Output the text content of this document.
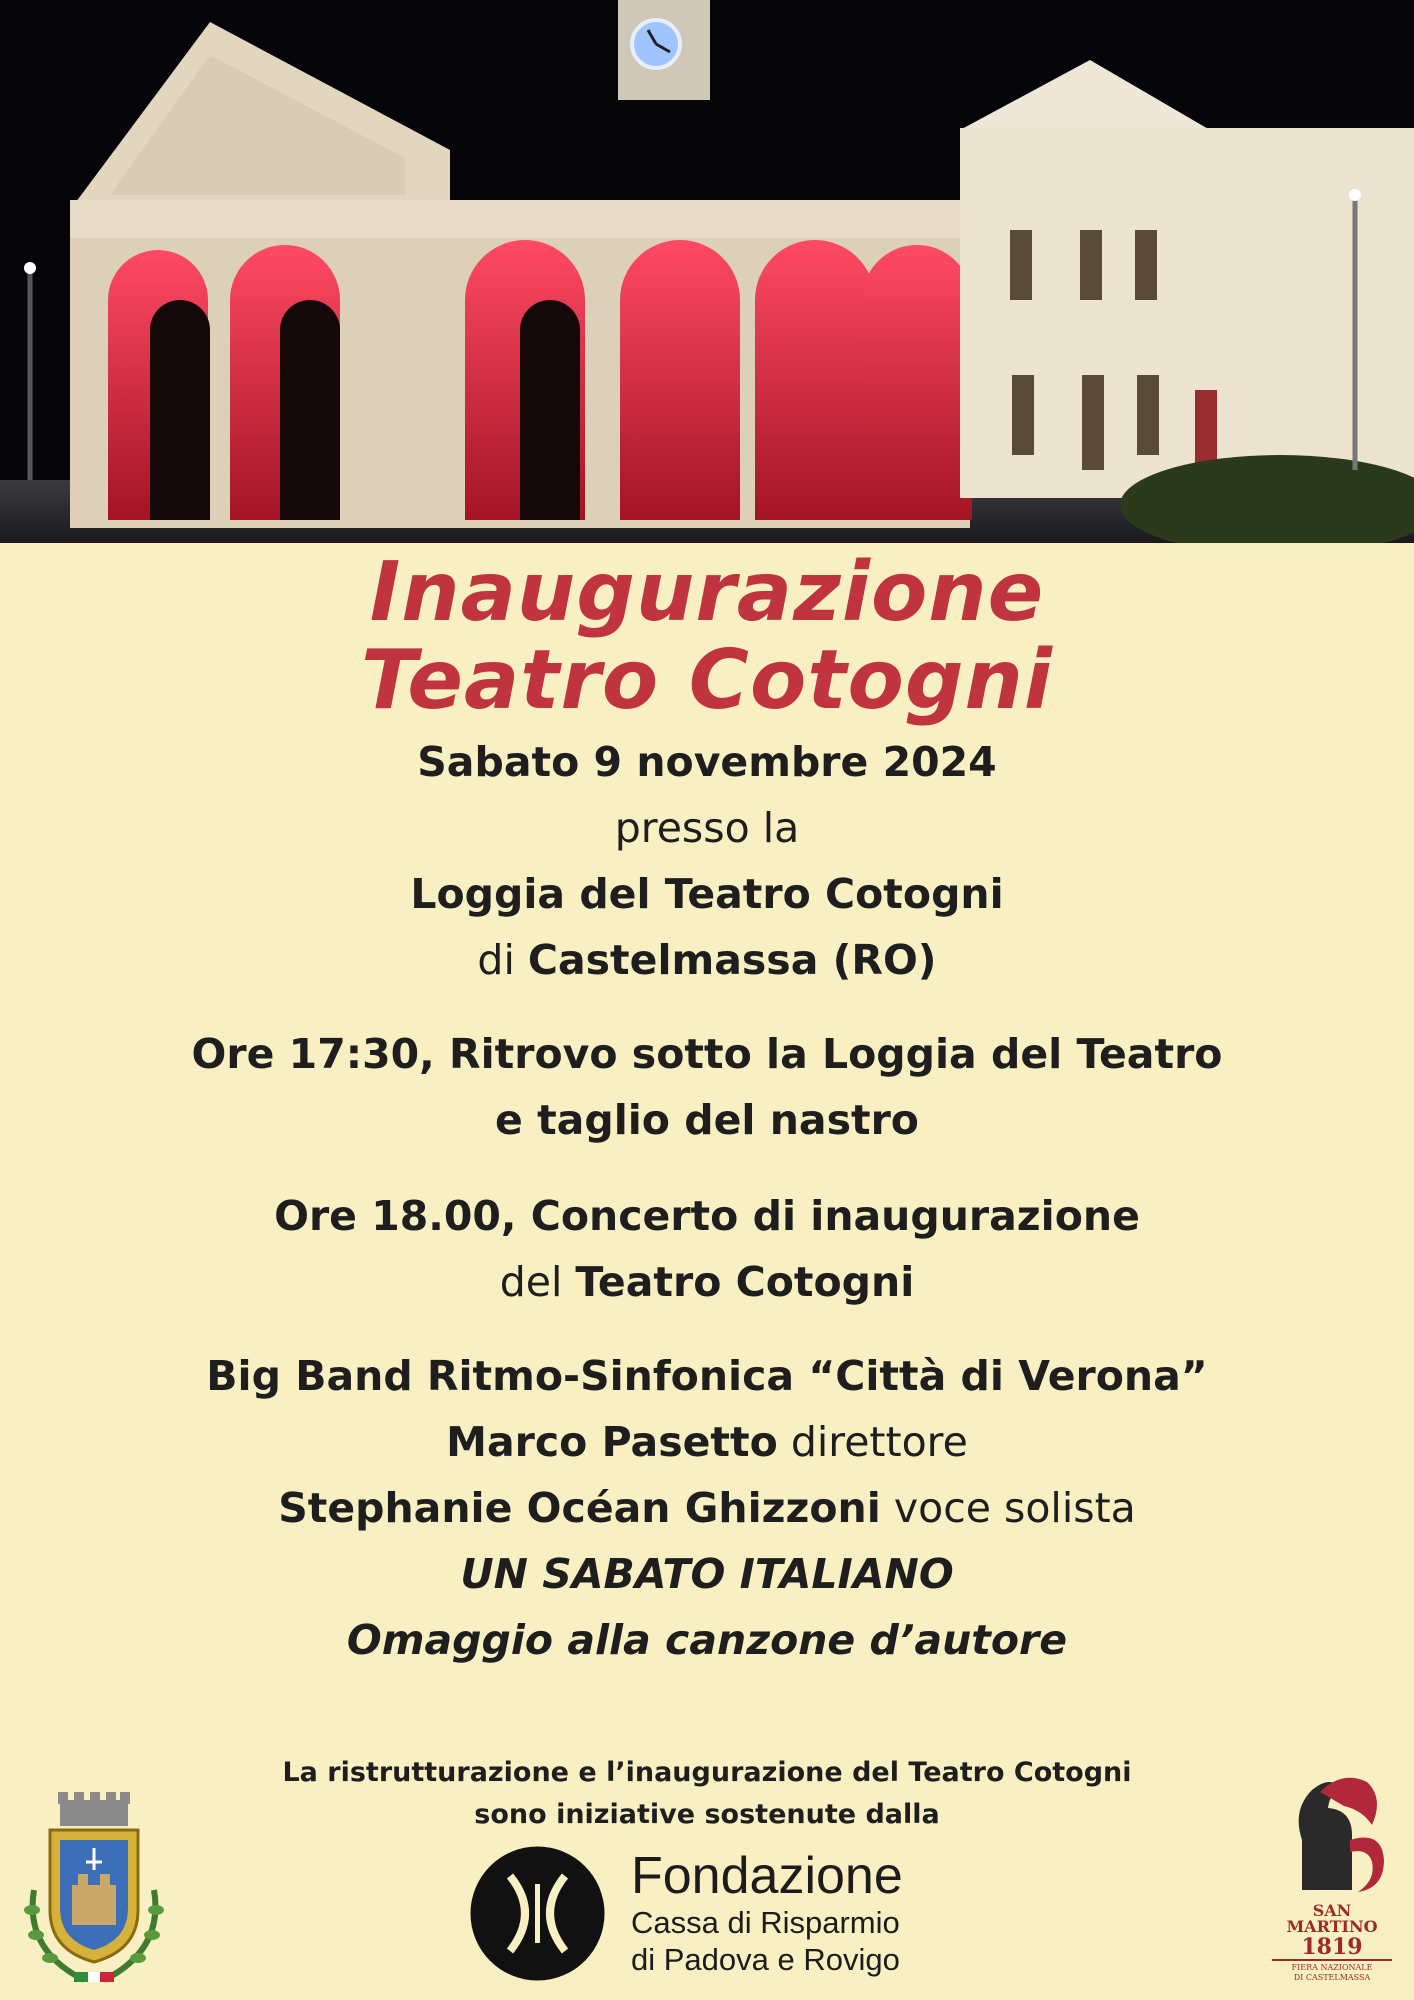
Inaugurazione
Teatro Cotogni
Sabato 9 novembre 2024
presso la
Loggia del Teatro Cotogni
di Castelmassa (RO)
Ore 17:30, Ritrovo sotto la Loggia del Teatro
e taglio del nastro
Ore 18.00, Concerto di inaugurazione
del Teatro Cotogni
Big Band Ritmo-Sinfonica “Città di Verona”
Marco Pasetto direttore
Stephanie Océan Ghizzoni voce solista
UN SABATO ITALIANO
Omaggio alla canzone d’autore
La ristrutturazione e l’inaugurazione del Teatro Cotogni
sono iniziative sostenute dalla
Fondazione
Cassa di Risparmio
di Padova e Rovigo
SAN
MARTINO
1819
FIERA NAZIONALE
DI CASTELMASSA
